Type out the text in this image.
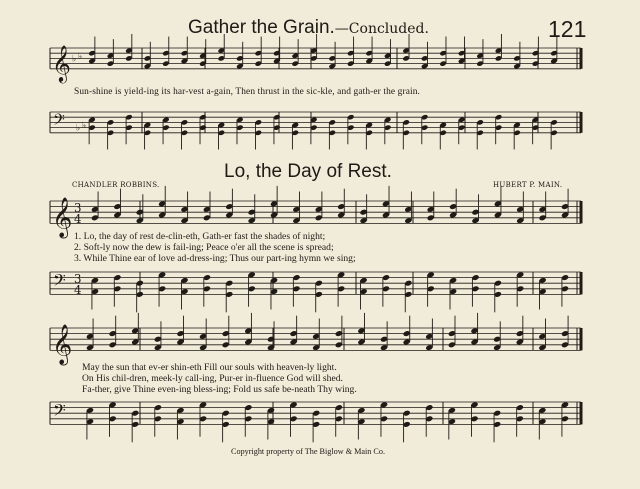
𝄞 ♭ ♭
𝄢 ♭ ♭
𝄞 3
4
𝄢 3
4
𝄞
𝄢
Gather the Grain.—Concluded.	121
Sun-shine is yield-ing its har-vest a-gain, Then thrust in the sic-kle, and gath-er the grain.
Lo, the Day of Rest.
CHANDLER ROBBINS.	HUBERT P. MAIN.
1. Lo, the day of rest de-clin-eth, Gath-er fast the shades of night;
2. Soft-ly now the dew is fail-ing; Peace o'er all the scene is spread;
3. While Thine ear of love ad-dress-ing; Thus our part-ing hymn we sing;
May the sun that ev-er shin-eth Fill our souls with heaven-ly light.
On His chil-dren, meek-ly call-ing, Pur-er in-fluence God will shed.
Fa-ther, give Thine even-ing bless-ing; Fold us safe be-neath Thy wing.
Copyright property of The Biglow & Main Co.
